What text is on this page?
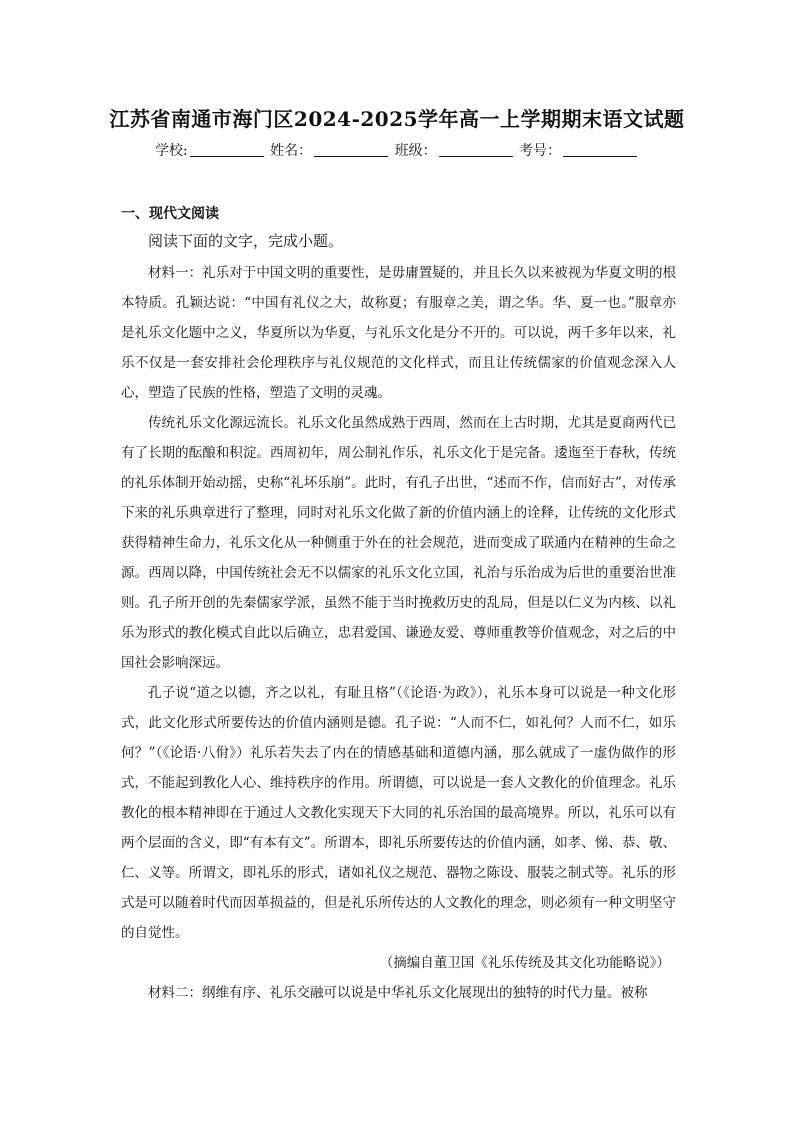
江苏省南通市海门区2024-2025学年高一上学期期末语文试题
学校:	姓名：	班级：	考号：
一、现代文阅读
阅读下面的文字，完成小题。

材料一：礼乐对于中国文明的重要性，是毋庸置疑的，并且长久以来被视为华夏文明的根本特质。孔颖达说：“中国有礼仪之大，故称夏；有服章之美，谓之华。华、夏一也。”服章亦是礼乐文化题中之义，华夏所以为华夏，与礼乐文化是分不开的。可以说，两千多年以来，礼乐不仅是一套安排社会伦理秩序与礼仪规范的文化样式，而且让传统儒家的价值观念深入人心，塑造了民族的性格，塑造了文明的灵魂。

传统礼乐文化源远流长。礼乐文化虽然成熟于西周，然而在上古时期，尤其是夏商两代已有了长期的酝酿和积淀。西周初年，周公制礼作乐，礼乐文化于是完备。逶迤至于春秋，传统的礼乐体制开始动摇，史称“礼坏乐崩”。此时，有孔子出世，“述而不作，信而好古”，对传承下来的礼乐典章进行了整理，同时对礼乐文化做了新的价值内涵上的诠释，让传统的文化形式获得精神生命力，礼乐文化从一种侧重于外在的社会规范，进而变成了联通内在精神的生命之源。西周以降，中国传统社会无不以儒家的礼乐文化立国，礼治与乐治成为后世的重要治世准则。孔子所开创的先秦儒家学派，虽然不能于当时挽救历史的乱局，但是以仁义为内核、以礼乐为形式的教化模式自此以后确立，忠君爱国、谦逊友爱、尊师重教等价值观念，对之后的中国社会影响深远。

孔子说“道之以德，齐之以礼，有耻且格”（《论语·为政》），礼乐本身可以说是一种文化形式，此文化形式所要传达的价值内涵则是德。孔子说：“人而不仁，如礼何？人而不仁，如乐何？”（《论语·八佾》）礼乐若失去了内在的情感基础和道德内涵，那么就成了一虚伪做作的形式，不能起到教化人心、维持秩序的作用。所谓德，可以说是一套人文教化的价值理念。礼乐教化的根本精神即在于通过人文教化实现天下大同的礼乐治国的最高境界。所以，礼乐可以有两个层面的含义，即“有本有文”。所谓本，即礼乐所要传达的价值内涵，如孝、悌、恭、敬、仁、义等。所谓文，即礼乐的形式，诸如礼仪之规范、器物之陈设、服装之制式等。礼乐的形式是可以随着时代而因革损益的，但是礼乐所传达的人文教化的理念，则必须有一种文明坚守的自觉性。

（摘编自董卫国《礼乐传统及其文化功能略说》）

材料二：纲维有序、礼乐交融可以说是中华礼乐文化展现出的独特的时代力量。被称
